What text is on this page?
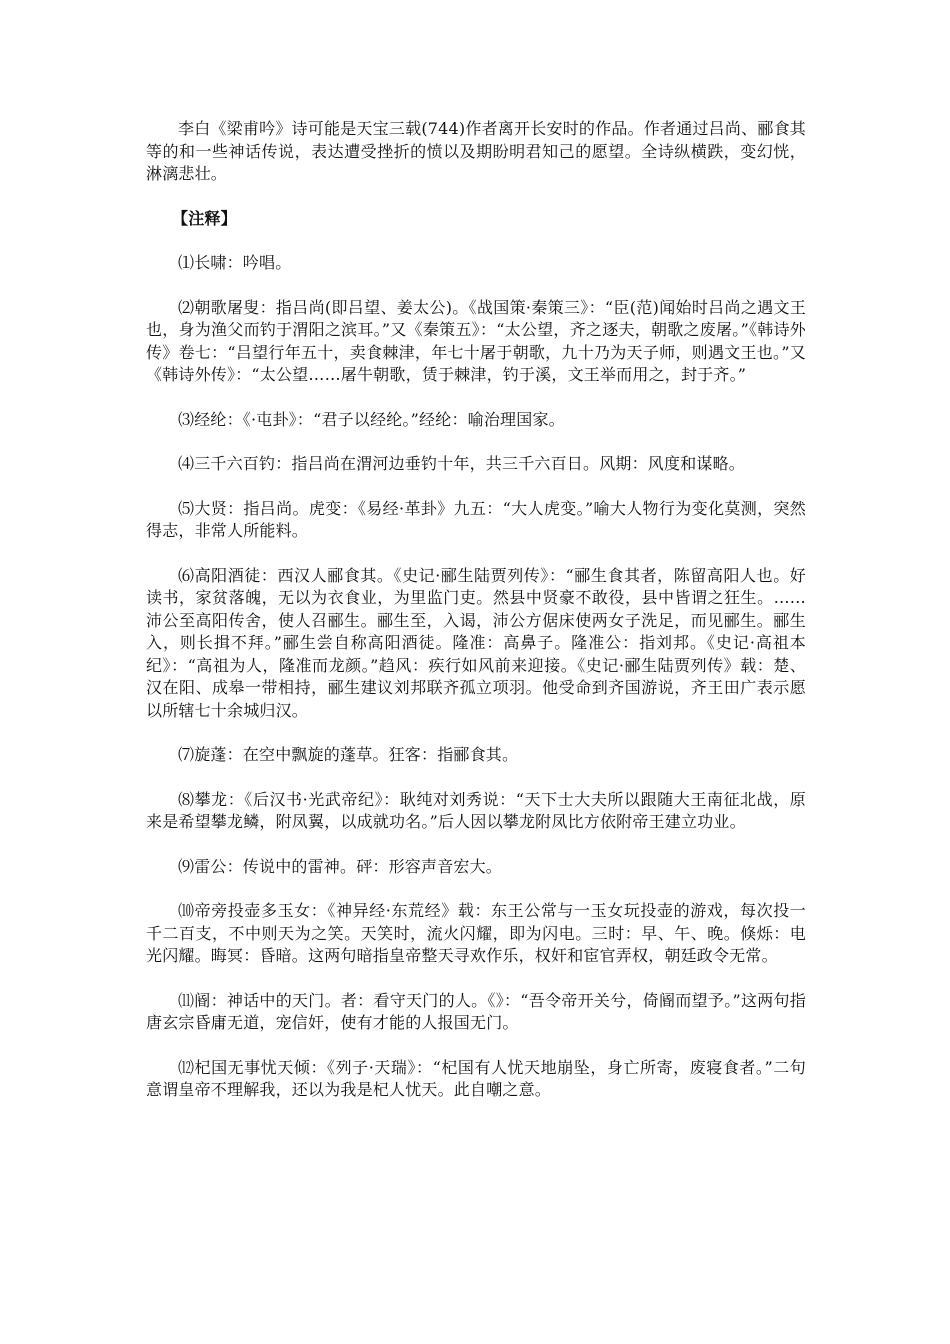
李白《梁甫吟》诗可能是天宝三载(744)作者离开长安时的作品。作者通过吕尚、郦食其等的和一些神话传说，表达遭受挫折的愤以及期盼明君知己的愿望。全诗纵横跌，变幻恍，淋漓悲壮。

【注释】

⑴长啸：吟唱。

⑵朝歌屠叟：指吕尚(即吕望、姜太公)。《战国策·秦策三》：“臣(范)闻始时吕尚之遇文王也，身为渔父而钓于渭阳之滨耳。”又《秦策五》：“太公望，齐之逐夫，朝歌之废屠。”《韩诗外传》卷七：“吕望行年五十，卖食棘津，年七十屠于朝歌，九十乃为天子师，则遇文王也。”又《韩诗外传》：“太公望……屠牛朝歌，赁于棘津，钓于溪，文王举而用之，封于齐。”

⑶经纶：《·屯卦》：“君子以经纶。”经纶：喻治理国家。

⑷三千六百钓：指吕尚在渭河边垂钓十年，共三千六百日。风期：风度和谋略。

⑸大贤：指吕尚。虎变：《易经·革卦》九五：“大人虎变。”喻大人物行为变化莫测，突然得志，非常人所能料。

⑹高阳酒徒：西汉人郦食其。《史记·郦生陆贾列传》：“郦生食其者，陈留高阳人也。好读书，家贫落魄，无以为衣食业，为里监门吏。然县中贤豪不敢役，县中皆谓之狂生。……沛公至高阳传舍，使人召郦生。郦生至，入谒，沛公方倨床使两女子洗足，而见郦生。郦生入，则长揖不拜。”郦生尝自称高阳酒徒。隆准：高鼻子。隆准公：指刘邦。《史记·高祖本纪》：“高祖为人，隆准而龙颜。”趋风：疾行如风前来迎接。《史记·郦生陆贾列传》载：楚、汉在阳、成皋一带相持，郦生建议刘邦联齐孤立项羽。他受命到齐国游说，齐王田广表示愿以所辖七十余城归汉。

⑺旋蓬：在空中飘旋的蓬草。狂客：指郦食其。

⑻攀龙：《后汉书·光武帝纪》：耿纯对刘秀说：“天下士大夫所以跟随大王南征北战，原来是希望攀龙鳞，附凤翼，以成就功名。”后人因以攀龙附凤比方依附帝王建立功业。

⑼雷公：传说中的雷神。砰：形容声音宏大。

⑽帝旁投壶多玉女：《神异经·东荒经》载：东王公常与一玉女玩投壶的游戏，每次投一千二百支，不中则天为之笑。天笑时，流火闪耀，即为闪电。三时：早、午、晚。倏烁：电光闪耀。晦冥：昏暗。这两句暗指皇帝整天寻欢作乐，权奸和宦官弄权，朝廷政令无常。

⑾阍：神话中的天门。者：看守天门的人。《》：“吾令帝开关兮，倚阍而望予。”这两句指唐玄宗昏庸无道，宠信奸，使有才能的人报国无门。

⑿杞国无事忧天倾：《列子·天瑞》：“杞国有人忧天地崩坠，身亡所寄，废寝食者。”二句意谓皇帝不理解我，还以为我是杞人忧天。此自嘲之意。
